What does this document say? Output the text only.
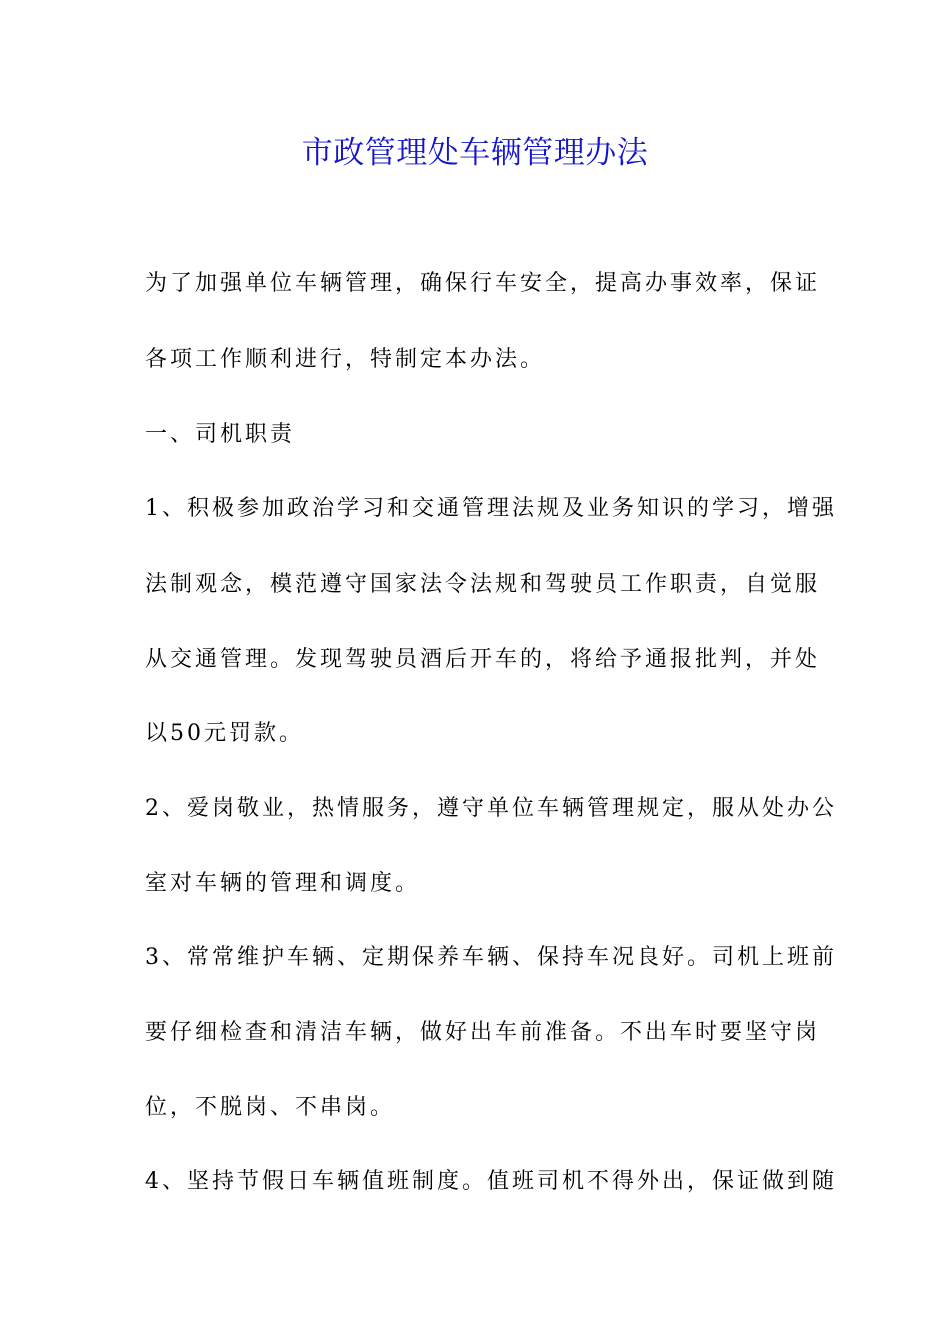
市政管理处车辆管理办法

为了加强单位车辆管理，确保行车安全，提高办事效率，保证

各项工作顺利进行，特制定本办法。

一、司机职责

1、积极参加政治学习和交通管理法规及业务知识的学习，增强

法制观念，模范遵守国家法令法规和驾驶员工作职责，自觉服

从交通管理。发现驾驶员酒后开车的，将给予通报批判，并处

以50元罚款。

2、爱岗敬业，热情服务，遵守单位车辆管理规定，服从处办公

室对车辆的管理和调度。

3、常常维护车辆、定期保养车辆、保持车况良好。司机上班前

要仔细检查和清洁车辆，做好出车前准备。不出车时要坚守岗

位，不脱岗、不串岗。

4、坚持节假日车辆值班制度。值班司机不得外出，保证做到随
